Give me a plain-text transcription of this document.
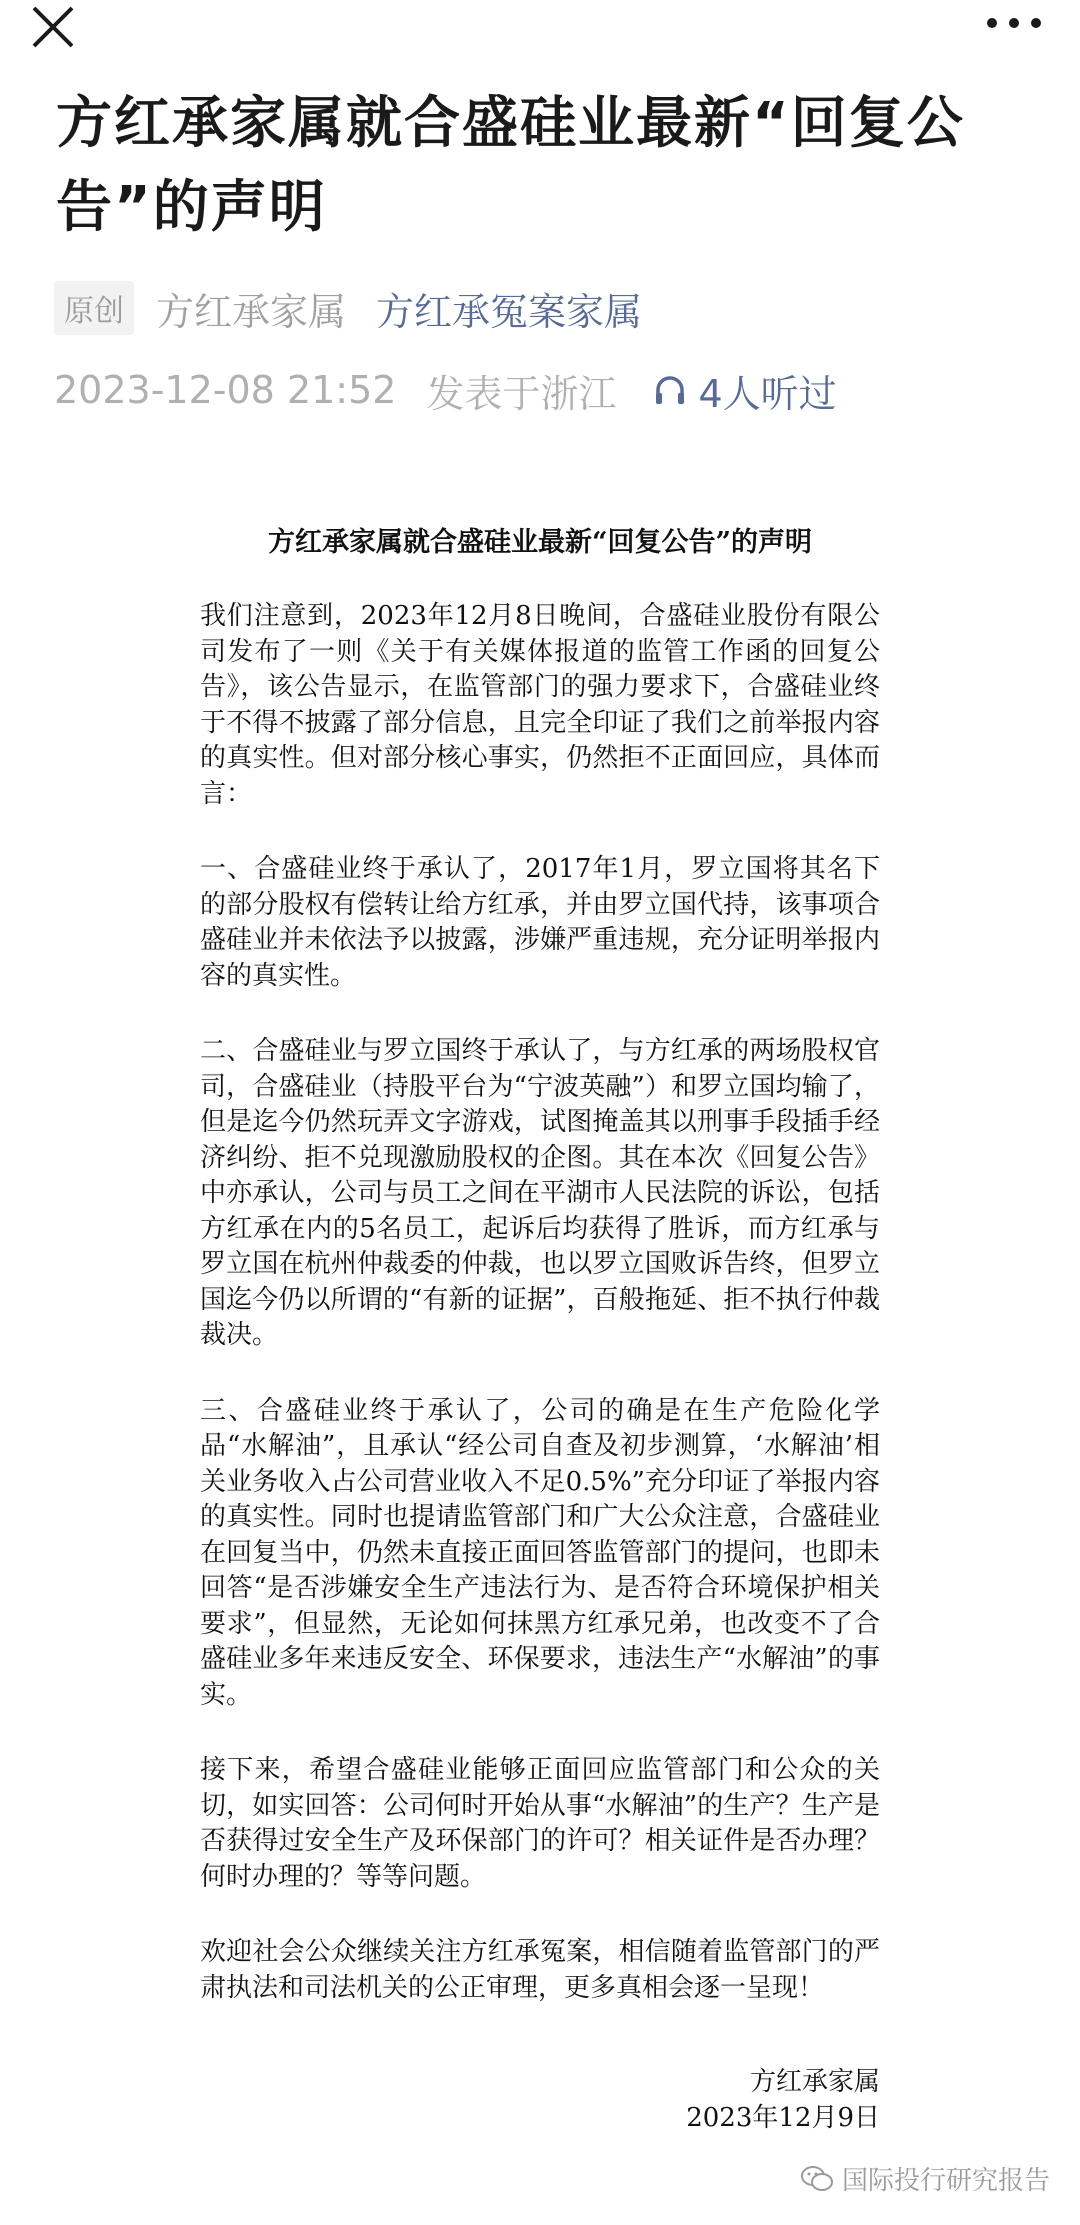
方红承家属就合盛硅业最新“回复公告”的声明
原创 方红承家属 方红承冤案家属
2023-12-08 21:52 发表于浙江 4人听过
方红承家属就合盛硅业最新“回复公告”的声明

我们注意到，2023年12月8日晚间，合盛硅业股份有限公司发布了一则《关于有关媒体报道的监管工作函的回复公告》，该公告显示，在监管部门的强力要求下，合盛硅业终于不得不披露了部分信息，且完全印证了我们之前举报内容的真实性。但对部分核心事实，仍然拒不正面回应，具体而言：

一、合盛硅业终于承认了，2017年1月，罗立国将其名下的部分股权有偿转让给方红承，并由罗立国代持，该事项合盛硅业并未依法予以披露，涉嫌严重违规，充分证明举报内容的真实性。

二、合盛硅业与罗立国终于承认了，与方红承的两场股权官司，合盛硅业（持股平台为“宁波英融”）和罗立国均输了，但是迄今仍然玩弄文字游戏，试图掩盖其以刑事手段插手经济纠纷、拒不兑现激励股权的企图。其在本次《回复公告》中亦承认，公司与员工之间在平湖市人民法院的诉讼，包括方红承在内的5名员工，起诉后均获得了胜诉，而方红承与罗立国在杭州仲裁委的仲裁，也以罗立国败诉告终，但罗立国迄今仍以所谓的“有新的证据”，百般拖延、拒不执行仲裁裁决。

三、合盛硅业终于承认了，公司的确是在生产危险化学品“水解油”，且承认“经公司自查及初步测算，‘水解油’相关业务收入占公司营业收入不足0.5%”充分印证了举报内容的真实性。同时也提请监管部门和广大公众注意，合盛硅业在回复当中，仍然未直接正面回答监管部门的提问，也即未回答“是否涉嫌安全生产违法行为、是否符合环境保护相关要求”，但显然，无论如何抹黑方红承兄弟，也改变不了合盛硅业多年来违反安全、环保要求，违法生产“水解油”的事实。

接下来，希望合盛硅业能够正面回应监管部门和公众的关切，如实回答：公司何时开始从事“水解油”的生产？生产是否获得过安全生产及环保部门的许可？相关证件是否办理？何时办理的？等等问题。

欢迎社会公众继续关注方红承冤案，相信随着监管部门的严肃执法和司法机关的公正审理，更多真相会逐一呈现！

方红承家属
2023年12月9日
国际投行研究报告
